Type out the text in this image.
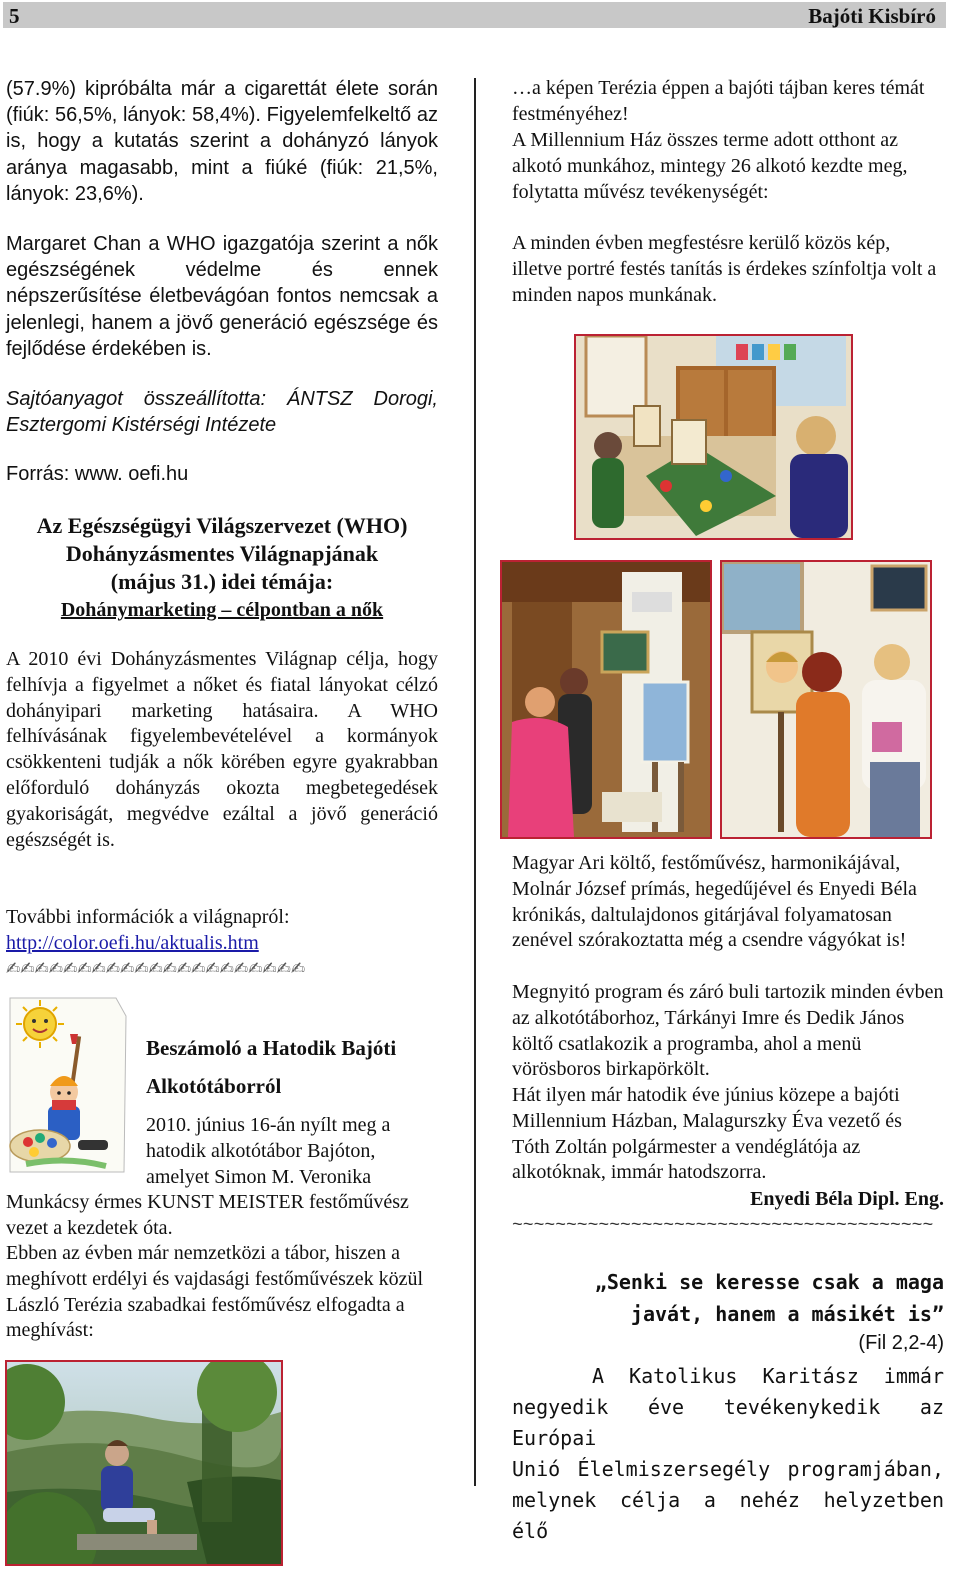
5	Bajóti Kisbíró

(57.9%) kipróbálta már a cigarettát élete során (fiúk: 56,5%, lányok: 58,4%). Figyelemfelkeltő az is, hogy a kutatás szerint a dohányzó lányok aránya magasabb, mint a fiúké (fiúk: 21,5%, lányok: 23,6%).

Margaret Chan a WHO igazgatója szerint a nők egészségének védelme és ennek népszerűsítése életbevágóan fontos nemcsak a jelenlegi, hanem a jövő generáció egészsége és fejlődése érdekében is.

Sajtóanyagot összeállította: ÁNTSZ Dorogi, Esztergomi Kistérségi Intézete

Forrás: www. oefi.hu

Az Egészségügyi Világszervezet (WHO)
Dohányzásmentes Világnapjának
(május 31.) idei témája:
Dohánymarketing – célpontban a nők

A 2010 évi Dohányzásmentes Világnap célja, hogy felhívja a figyelmet a nőket és fiatal lányokat célzó dohányipari marketing hatásaira. A WHO felhívásának figyelembevételével a kormányok csökkenteni tudják a nők körében egyre gyakrabban előforduló dohányzás okozta megbetegedések gyakoriságát, megvédve ezáltal a jövő generáció egészségét is.

További információk a világnapról:

http://color.oefi.hu/aktualis.htm
✍✍✍✍✍✍✍✍✍✍✍✍✍✍✍✍✍✍✍✍✍
Beszámoló a Hatodik Bajóti
Alkotótáborról

2010. június 16-án nyílt meg a hatodik alkotótábor Bajóton, amelyet Simon M. Veronika

Munkácsy érmes KUNST MEISTER festőművész vezet a kezdetek óta.

Ebben az évben már nemzetközi a tábor, hiszen a meghívott erdélyi és vajdasági festőművészek közül László Terézia szabadkai festőművész elfogadta a meghívást:

…a képen Terézia éppen a bajóti tájban keres témát festményéhez!

A Millennium Ház összes terme adott otthont az alkotó munkához, mintegy 26 alkotó kezdte meg, folytatta művész tevékenységét:

A minden évben megfestésre kerülő közös kép, illetve portré festés tanítás is érdekes színfoltja volt a minden napos munkának.

Magyar Ari költő, festőművész, harmonikájával, Molnár József prímás, hegedűjével és Enyedi Béla krónikás, daltulajdonos gitárjával folyamatosan zenével szórakoztatta még a csendre vágyókat is!

Megnyitó program és záró buli tartozik minden évben az alkotótáborhoz, Tárkányi Imre és Dedik János költő csatlakozik a programba, ahol a menü vörösboros birkapörkölt.

Hát ilyen már hatodik éve június közepe a bajóti Millennium Házban, Malagurszky Éva vezető és Tóth Zoltán polgármester a vendéglátója az alkotóknak, immár hatodszorra.

Enyedi Béla Dipl. Eng.
~~~~~~~~~~~~~~~~~~~~~~~~~~~~~~~~~~~~~~~
„Senki se keresse csak a maga
javát, hanem a másikét is”
(Fil 2,2-4)
A Katolikus Karitász immár
negyedik éve tevékenykedik az Európai
Unió Élelmiszersegély programjában,
melynek célja a nehéz helyzetben élő
